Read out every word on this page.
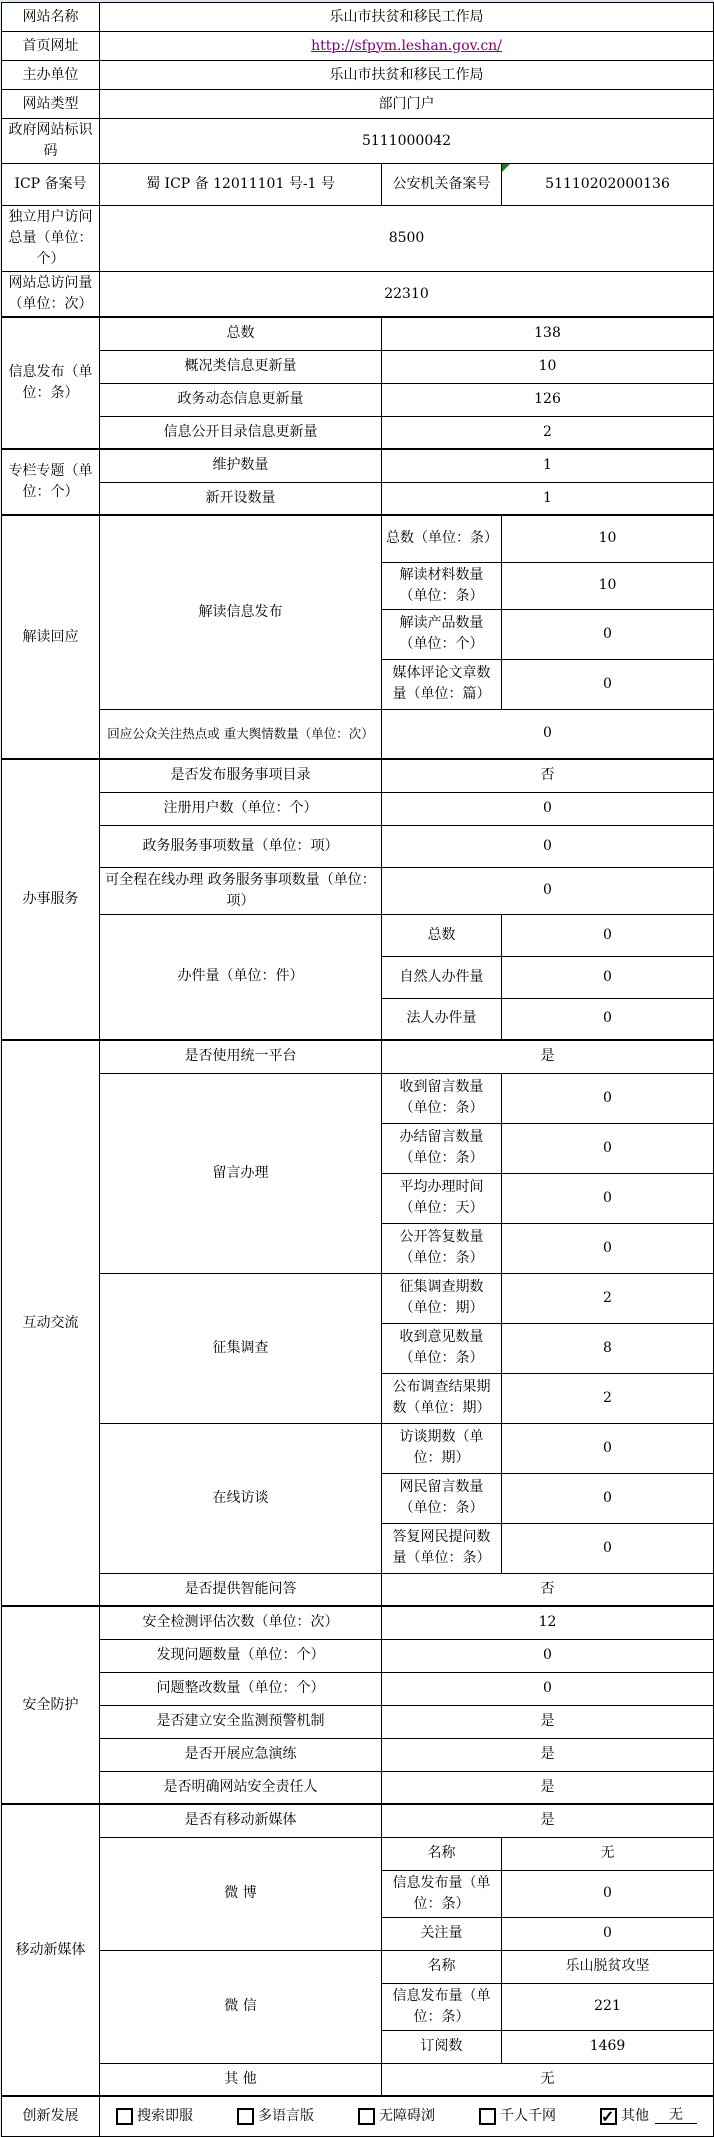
网站名称	乐山市扶贫和移民工作局		
首页网址	http://sfpym.leshan.gov.cn/		
主办单位	乐山市扶贫和移民工作局		
网站类型	部门门户		
政府网站标识码	5111000042		
ICP 备案号	蜀 ICP 备 12011101 号-1 号	公安机关备案号	51110202000136
独立用户访问总量（单位：个）	8500		
网站总访问量（单位：次）	22310		
信息发布（单位：条）	总数	138	
	概况类信息更新量	10	
	政务动态信息更新量	126	
	信息公开目录信息更新量	2	
专栏专题（单位：个）	维护数量	1	
	新开设数量	1	
解读回应	解读信息发布	总数（单位：条）	10
		解读材料数量（单位：条）	10
		解读产品数量（单位：个）	0
		媒体评论文章数量（单位：篇）	0
	回应公众关注热点或 重大舆情数量（单位：次）	0	
办事服务	是否发布服务事项目录	否	
	注册用户数（单位：个）	0	
	政务服务事项数量（单位：项）	0	
	可全程在线办理 政务服务事项数量（单位：项）	0	
	办件量（单位：件）	总数	0
		自然人办件量	0
		法人办件量	0
互动交流	是否使用统一平台	是	
	留言办理	收到留言数量（单位：条）	0
		办结留言数量（单位：条）	0
		平均办理时间（单位：天）	0
		公开答复数量（单位：条）	0
	征集调查	征集调查期数（单位：期）	2
		收到意见数量（单位：条）	8
		公布调查结果期数（单位：期）	2
	在线访谈	访谈期数（单位：期）	0
		网民留言数量（单位：条）	0
		答复网民提问数量（单位：条）	0
	是否提供智能问答	否	
安全防护	安全检测评估次数（单位：次）	12	
	发现问题数量（单位：个）	0	
	问题整改数量（单位：个）	0	
	是否建立安全监测预警机制	是	
	是否开展应急演练	是	
	是否明确网站安全责任人	是	
移动新媒体	是否有移动新媒体	是	
	微 博	名称	无
		信息发布量（单位：条）	0
		关注量	0
	微 信	名称	乐山脱贫攻坚
		信息发布量（单位：条）	221
		订阅数	1469
	其 他	无	
创新发展	搜索即服	多语言版	无障碍浏	千人千网 ✓	其他	无
